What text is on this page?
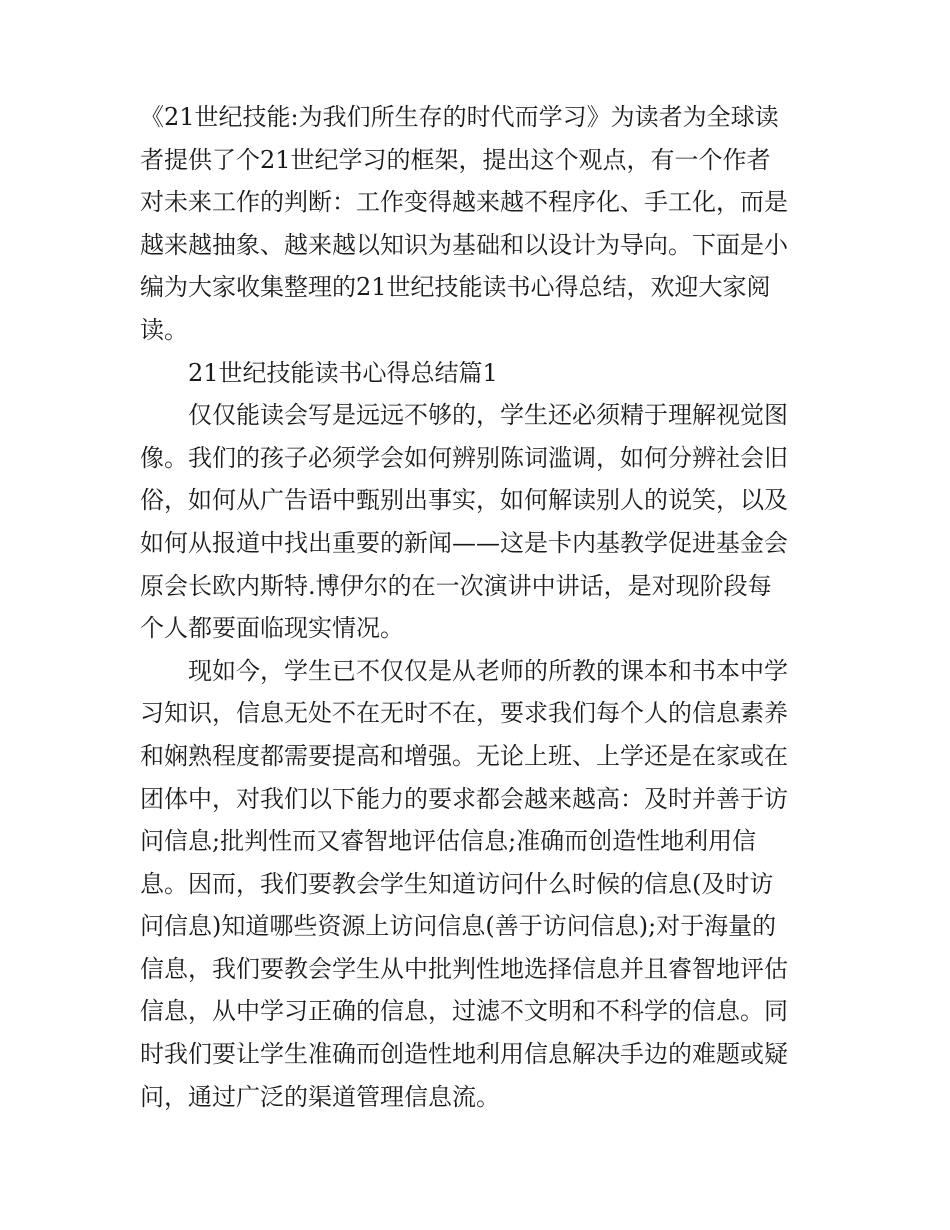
《21世纪技能:为我们所生存的时代而学习》为读者为全球读
者提供了个21世纪学习的框架，提出这个观点，有一个作者
对未来工作的判断：工作变得越来越不程序化、手工化，而是
越来越抽象、越来越以知识为基础和以设计为导向。下面是小
编为大家收集整理的21世纪技能读书心得总结，欢迎大家阅
读。
21世纪技能读书心得总结篇1
仅仅能读会写是远远不够的，学生还必须精于理解视觉图
像。我们的孩子必须学会如何辨别陈词滥调，如何分辨社会旧
俗，如何从广告语中甄别出事实，如何解读别人的说笑，以及
如何从报道中找出重要的新闻——这是卡内基教学促进基金会
原会长欧内斯特.博伊尔的在一次演讲中讲话，是对现阶段每
个人都要面临现实情况。
现如今，学生已不仅仅是从老师的所教的课本和书本中学
习知识，信息无处不在无时不在，要求我们每个人的信息素养
和娴熟程度都需要提高和增强。无论上班、上学还是在家或在
团体中，对我们以下能力的要求都会越来越高：及时并善于访
问信息;批判性而又睿智地评估信息;准确而创造性地利用信
息。因而，我们要教会学生知道访问什么时候的信息(及时访
问信息)知道哪些资源上访问信息(善于访问信息);对于海量的
信息，我们要教会学生从中批判性地选择信息并且睿智地评估
信息，从中学习正确的信息，过滤不文明和不科学的信息。同
时我们要让学生准确而创造性地利用信息解决手边的难题或疑
问，通过广泛的渠道管理信息流。
